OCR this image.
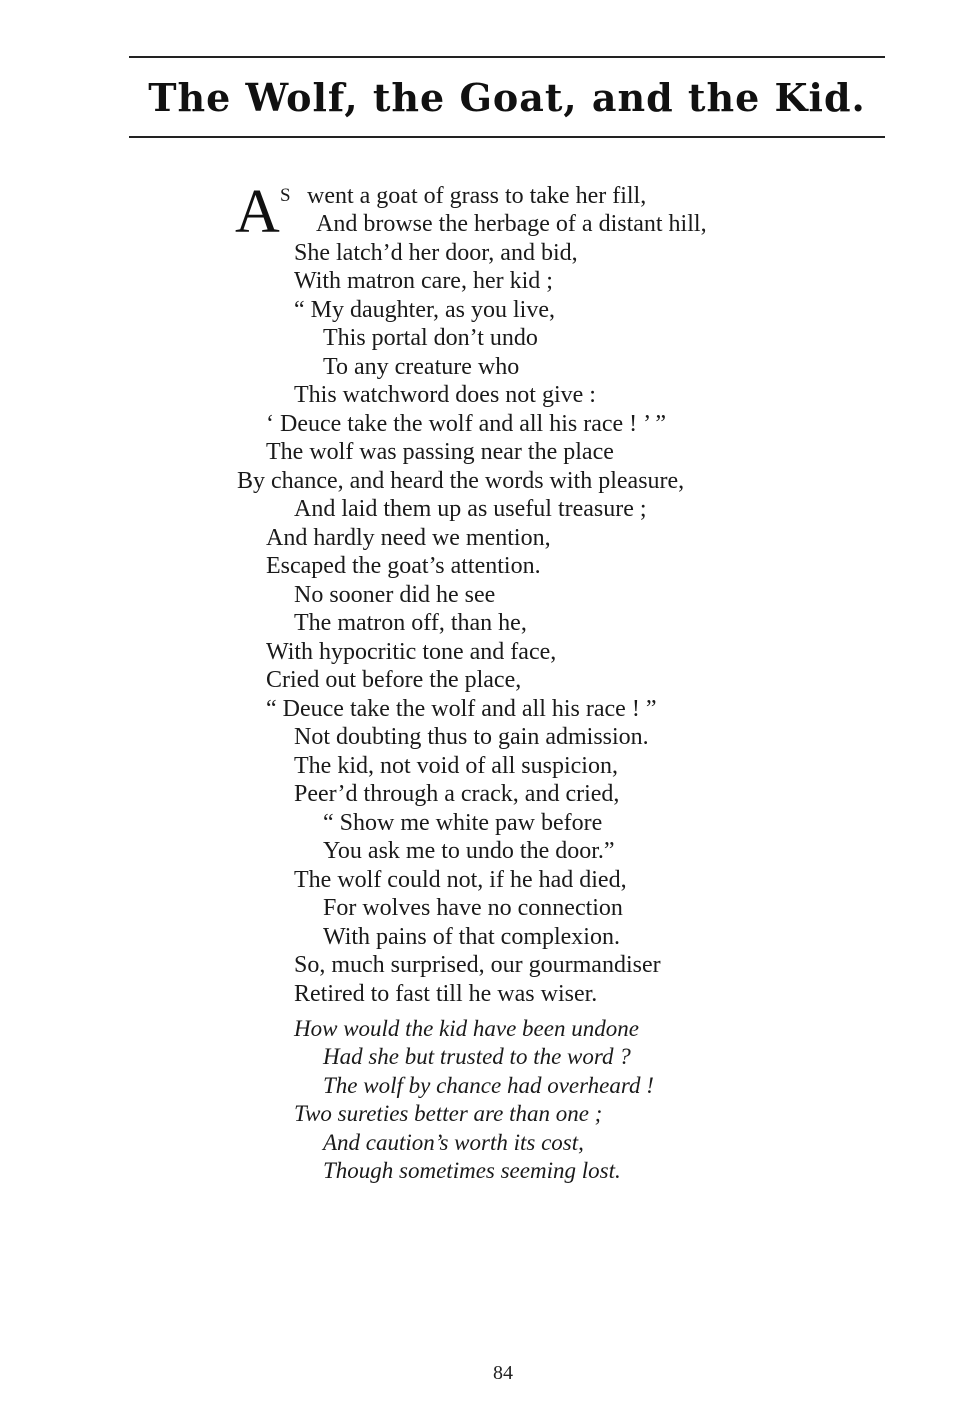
The Wolf, the Goat, and the Kid.
A S went a goat of grass to take her fill,
And browse the herbage of a distant hill,
She latch’d her door, and bid,
With matron care, her kid ;
“ My daughter, as you live,
This portal don’t undo
To any creature who
This watchword does not give :
‘ Deuce take the wolf and all his race ! ’ ”
The wolf was passing near the place
By chance, and heard the words with pleasure,
And laid them up as useful treasure ;
And hardly need we mention,
Escaped the goat’s attention.
No sooner did he see
The matron off, than he,
With hypocritic tone and face,
Cried out before the place,
“ Deuce take the wolf and all his race ! ”
Not doubting thus to gain admission.
The kid, not void of all suspicion,
Peer’d through a crack, and cried,
“ Show me white paw before
You ask me to undo the door.”
The wolf could not, if he had died,
For wolves have no connection
With pains of that complexion.
So, much surprised, our gourmandiser
Retired to fast till he was wiser.
How would the kid have been undone
Had she but trusted to the word ?
The wolf by chance had overheard !
Two sureties better are than one ;
And caution’s worth its cost,
Though sometimes seeming lost.
84
